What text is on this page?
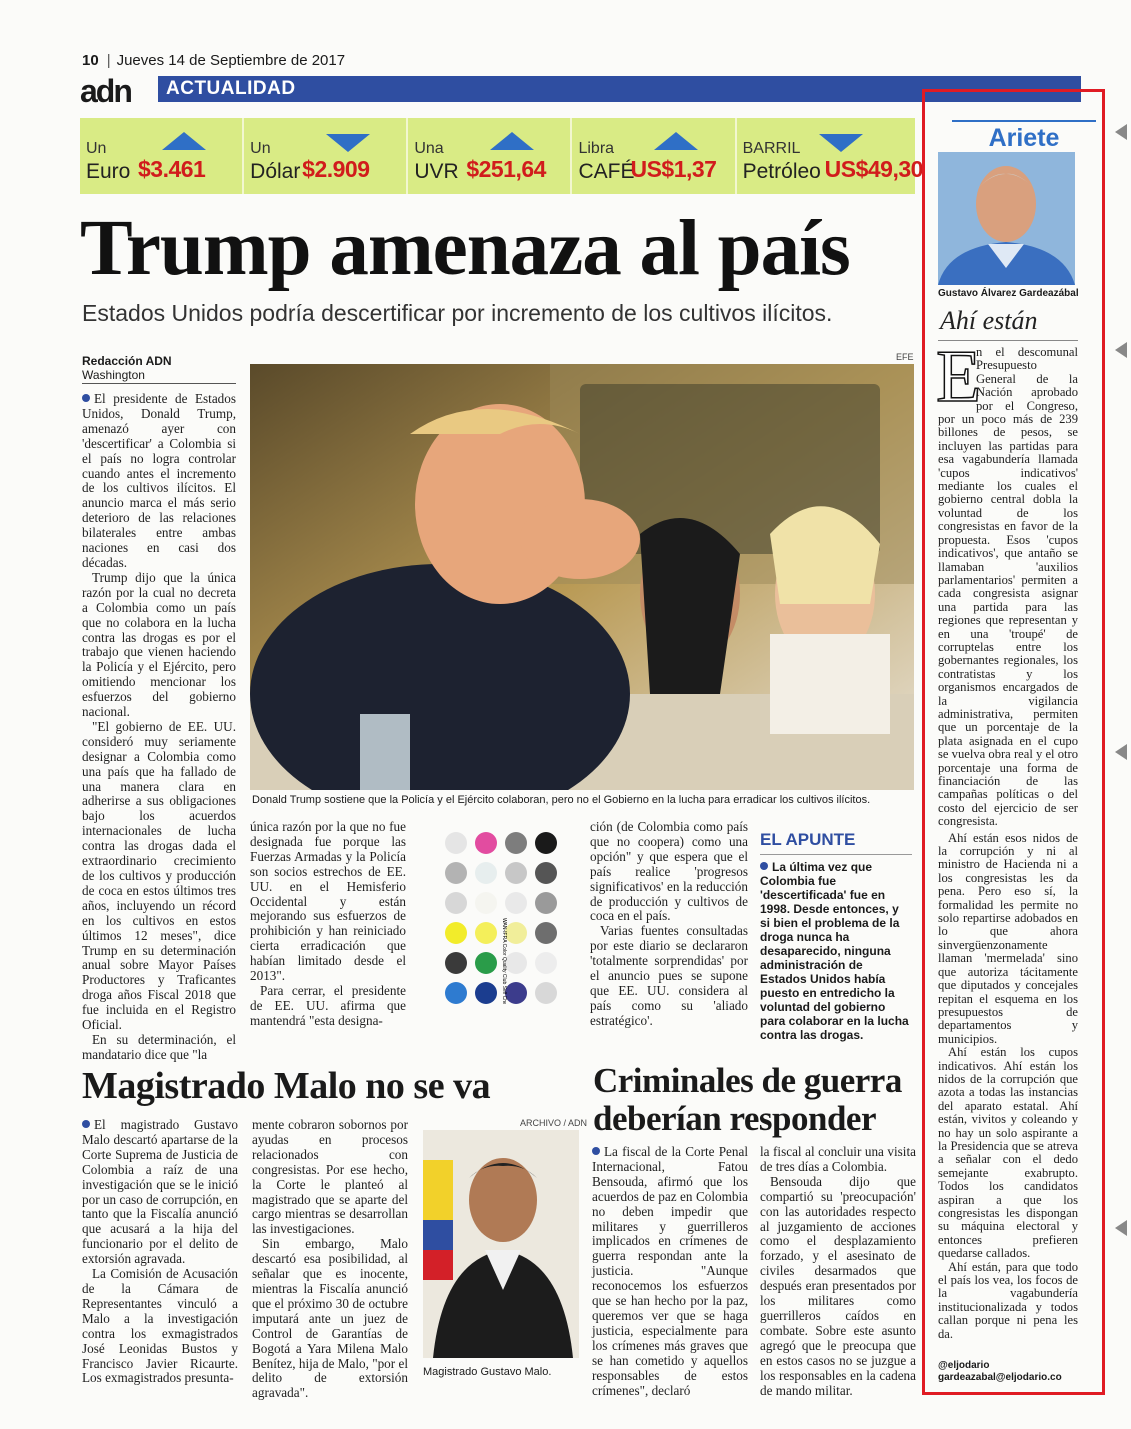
10 | Jueves 14 de Septiembre de 2017
adn	ACTUALIDAD
Un
Euro $3.461
Un
Dólar $2.909
Una
UVR $251,64
Libra
CAFÉ
US$1,37
BARRIL
Petróleo US$49,30
Trump amenaza al país
Estados Unidos podría descertificar por incremento de los cultivos ilícitos.
Redacción ADN
Washington
EFE

El presidente de Estados Unidos, Donald Trump, amenazó ayer con 'descertificar' a Colombia si el país no logra controlar cuando antes el incremento de los cultivos ilícitos. El anuncio marca el más serio deterioro de las relaciones bilaterales entre ambas naciones en casi dos décadas.

Trump dijo que la única razón por la cual no decreta a Colombia como un país que no colabora en la lucha contra las drogas es por el trabajo que vienen haciendo la Policía y el Ejército, pero omitiendo mencionar los esfuerzos del gobierno nacional.

"El gobierno de EE. UU. consideró muy seriamente designar a Colombia como una país que ha fallado de una manera clara en adherirse a sus obligaciones bajo los acuerdos internacionales de lucha contra las drogas dada el extraordinario crecimiento de los cultivos y producción de coca en estos últimos tres años, incluyendo un récord en los cultivos en estos últimos 12 meses", dice Trump en su determinación anual sobre Mayor Países Productores y Traficantes droga años Fiscal 2018 que fue incluida en el Registro Oficial.

En su determinación, el mandatario dice que "la

Donald Trump sostiene que la Policía y el Ejército colaboran, pero no el Gobierno en la lucha para erradicar los cultivos ilícitos.

única razón por la que no fue designada fue porque las Fuerzas Armadas y la Policía son socios estrechos de EE. UU. en el Hemisferio Occidental y están mejorando sus esfuerzos de prohibición y han reiniciado cierta erradicación que habían limitado desde el 2013".

Para cerrar, el presidente de EE. UU. afirma que mantendrá "esta designa-

WAN-IFRA Color Quality Club Self Check

ción (de Colombia como país que no coopera) como una opción" y que espera que el país realice 'progresos significativos' en la reducción de producción y cultivos de coca en el país.

Varias fuentes consultadas por este diario se declararon 'totalmente sorprendidas' por el anuncio pues se supone que EE. UU. considera al país como su 'aliado estratégico'.

EL APUNTE
La última vez que Colombia fue 'descertificada' fue en 1998. Desde entonces, y si bien el problema de la droga nunca ha desaparecido, ninguna administración de Estados Unidos había puesto en entredicho la voluntad del gobierno para colaborar en la lucha contra las drogas.
Magistrado Malo no se va

El magistrado Gustavo Malo descartó apartarse de la Corte Suprema de Justicia de Colombia a raíz de una investigación que se le inició por un caso de corrupción, en tanto que la Fiscalía anunció que acusará a la hija del funcionario por el delito de extorsión agravada.

La Comisión de Acusación de la Cámara de Representantes vinculó a Malo a la investigación contra los exmagistrados José Leonidas Bustos y Francisco Javier Ricaurte. Los exmagistrados presunta-

mente cobraron sobornos por ayudas en procesos relacionados con congresistas. Por ese hecho, la Corte le planteó al magistrado que se aparte del cargo mientras se desarrollan las investigaciones.

Sin embargo, Malo descartó esa posibilidad, al señalar que es inocente, mientras la Fiscalía anunció que el próximo 30 de octubre imputará ante un juez de Control de Garantías de Bogotá a Yara Milena Malo Benítez, hija de Malo, "por el delito de extorsión agravada".

ARCHIVO / ADN
Magistrado Gustavo Malo.
Criminales de guerra deberían responder

La fiscal de la Corte Penal Internacional, Fatou Bensouda, afirmó que los acuerdos de paz en Colombia no deben impedir que militares y guerrilleros implicados en crímenes de guerra respondan ante la justicia. "Aunque reconocemos los esfuerzos que se han hecho por la paz, queremos ver que se haga justicia, especialmente para los crímenes más graves que se han cometido y aquellos responsables de estos crímenes", declaró

la fiscal al concluir una visita de tres días a Colombia.

Bensouda dijo que compartió su 'preocupación' con las autoridades respecto al juzgamiento de acciones como el desplazamiento forzado, y el asesinato de civiles desarmados que después eran presentados por los militares como guerrilleros caídos en combate. Sobre este asunto agregó que le preocupa que en estos casos no se juzgue a los responsables en la cadena de mando militar.

Ariete
Gustavo Álvarez Gardeazábal
Ahí están
E

n el descomunal Presupuesto General de la Nación aprobado por el Congreso, por un poco más de 239 billones de pesos, se incluyen las partidas para esa vagabundería llamada 'cupos indicativos' mediante los cuales el gobierno central dobla la voluntad de los congresistas en favor de la propuesta. Esos 'cupos indicativos', que antaño se llamaban 'auxilios parlamentarios' permiten a cada congresista asignar una partida para las regiones que representan y en una 'troupé' de corruptelas entre los gobernantes regionales, los contratistas y los organismos encargados de la vigilancia administrativa, permiten que un porcentaje de la plata asignada en el cupo se vuelva obra real y el otro porcentaje una forma de financiación de las campañas políticas o del costo del ejercicio de ser congresista.

Ahí están esos nidos de la corrupción y ni al ministro de Hacienda ni a los congresistas les da pena. Pero eso sí, la formalidad les permite no solo repartirse adobados en lo que ahora sinvergüenzonamente llaman 'mermelada' sino que autoriza tácitamente que diputados y concejales repitan el esquema en los presupuestos de departamentos y municipios.

Ahí están los cupos indicativos. Ahí están los nidos de la corrupción que azota a todas las instancias del aparato estatal. Ahí están, vivitos y coleando y no hay un solo aspirante a la Presidencia que se atreva a señalar con el dedo semejante exabrupto. Todos los candidatos aspiran a que los congresistas les dispongan su máquina electoral y entonces prefieren quedarse callados.

Ahí están, para que todo el país los vea, los focos de la vagabundería institucionalizada y todos callan porque ni pena les da.

@eljodario
gardeazabal@eljodario.co
